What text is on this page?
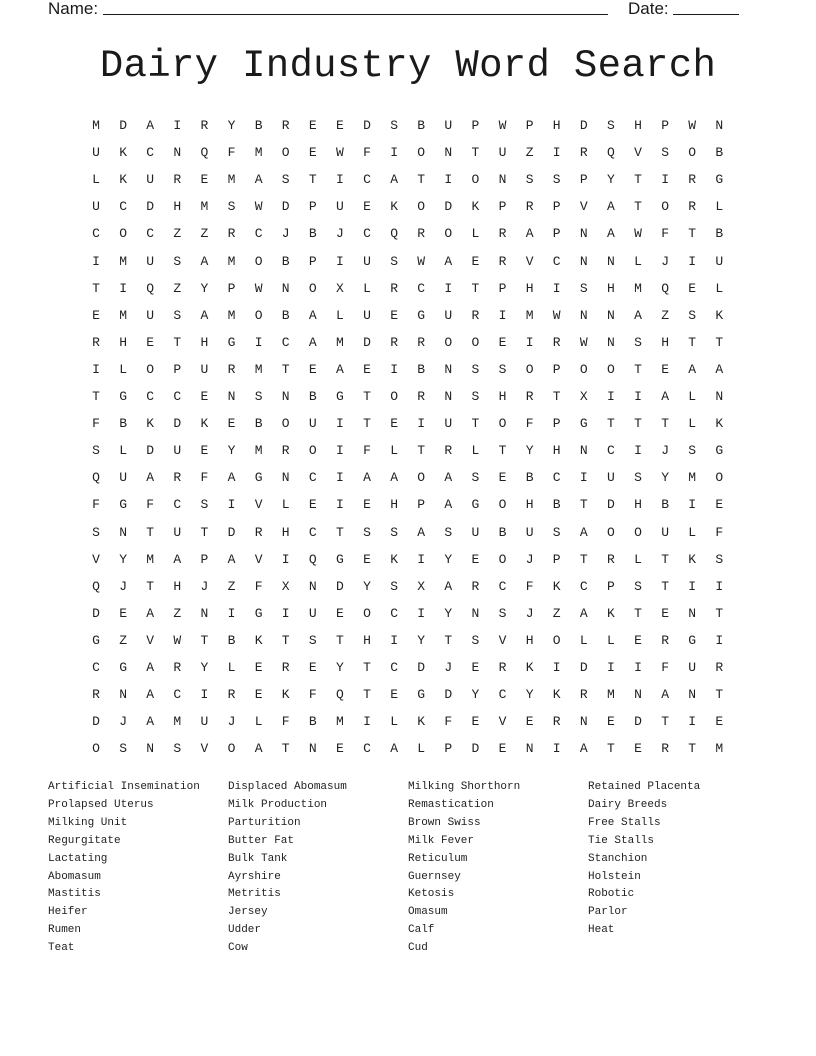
Name:	Date:
Dairy Industry Word Search
M	D	A	I	R	Y	B	R	E	E	D	S	B	U	P	W	P	H	D	S	H	P	W	N
U	K	C	N	Q	F	M	O	E	W	F	I	O	N	T	U	Z	I	R	Q	V	S	O	B
L	K	U	R	E	M	A	S	T	I	C	A	T	I	O	N	S	S	P	Y	T	I	R	G
U	C	D	H	M	S	W	D	P	U	E	K	O	D	K	P	R	P	V	A	T	O	R	L
C	O	C	Z	Z	R	C	J	B	J	C	Q	R	O	L	R	A	P	N	A	W	F	T	B
I	M	U	S	A	M	O	B	P	I	U	S	W	A	E	R	V	C	N	N	L	J	I	U
T	I	Q	Z	Y	P	W	N	O	X	L	R	C	I	T	P	H	I	S	H	M	Q	E	L
E	M	U	S	A	M	O	B	A	L	U	E	G	U	R	I	M	W	N	N	A	Z	S	K
R	H	E	T	H	G	I	C	A	M	D	R	R	O	O	E	I	R	W	N	S	H	T	T
I	L	O	P	U	R	M	T	E	A	E	I	B	N	S	S	O	P	O	O	T	E	A	A
T	G	C	C	E	N	S	N	B	G	T	O	R	N	S	H	R	T	X	I	I	A	L	N
F	B	K	D	K	E	B	O	U	I	T	E	I	U	T	O	F	P	G	T	T	T	L	K
S	L	D	U	E	Y	M	R	O	I	F	L	T	R	L	T	Y	H	N	C	I	J	S	G
Q	U	A	R	F	A	G	N	C	I	A	A	O	A	S	E	B	C	I	U	S	Y	M	O
F	G	F	C	S	I	V	L	E	I	E	H	P	A	G	O	H	B	T	D	H	B	I	E
S	N	T	U	T	D	R	H	C	T	S	S	A	S	U	B	U	S	A	O	O	U	L	F
V	Y	M	A	P	A	V	I	Q	G	E	K	I	Y	E	O	J	P	T	R	L	T	K	S
Q	J	T	H	J	Z	F	X	N	D	Y	S	X	A	R	C	F	K	C	P	S	T	I	I
D	E	A	Z	N	I	G	I	U	E	O	C	I	Y	N	S	J	Z	A	K	T	E	N	T
G	Z	V	W	T	B	K	T	S	T	H	I	Y	T	S	V	H	O	L	L	E	R	G	I
C	G	A	R	Y	L	E	R	E	Y	T	C	D	J	E	R	K	I	D	I	I	F	U	R
R	N	A	C	I	R	E	K	F	Q	T	E	G	D	Y	C	Y	K	R	M	N	A	N	T
D	J	A	M	U	J	L	F	B	M	I	L	K	F	E	V	E	R	N	E	D	T	I	E
O	S	N	S	V	O	A	T	N	E	C	A	L	P	D	E	N	I	A	T	E	R	T	M
Artificial Insemination
Prolapsed Uterus
Milking Unit
Regurgitate
Lactating
Abomasum
Mastitis
Heifer
Rumen
Teat
Displaced Abomasum
Milk Production
Parturition
Butter Fat
Bulk Tank
Ayrshire
Metritis
Jersey
Udder
Cow
Milking Shorthorn
Remastication
Brown Swiss
Milk Fever
Reticulum
Guernsey
Ketosis
Omasum
Calf
Cud
Retained Placenta
Dairy Breeds
Free Stalls
Tie Stalls
Stanchion
Holstein
Robotic
Parlor
Heat
